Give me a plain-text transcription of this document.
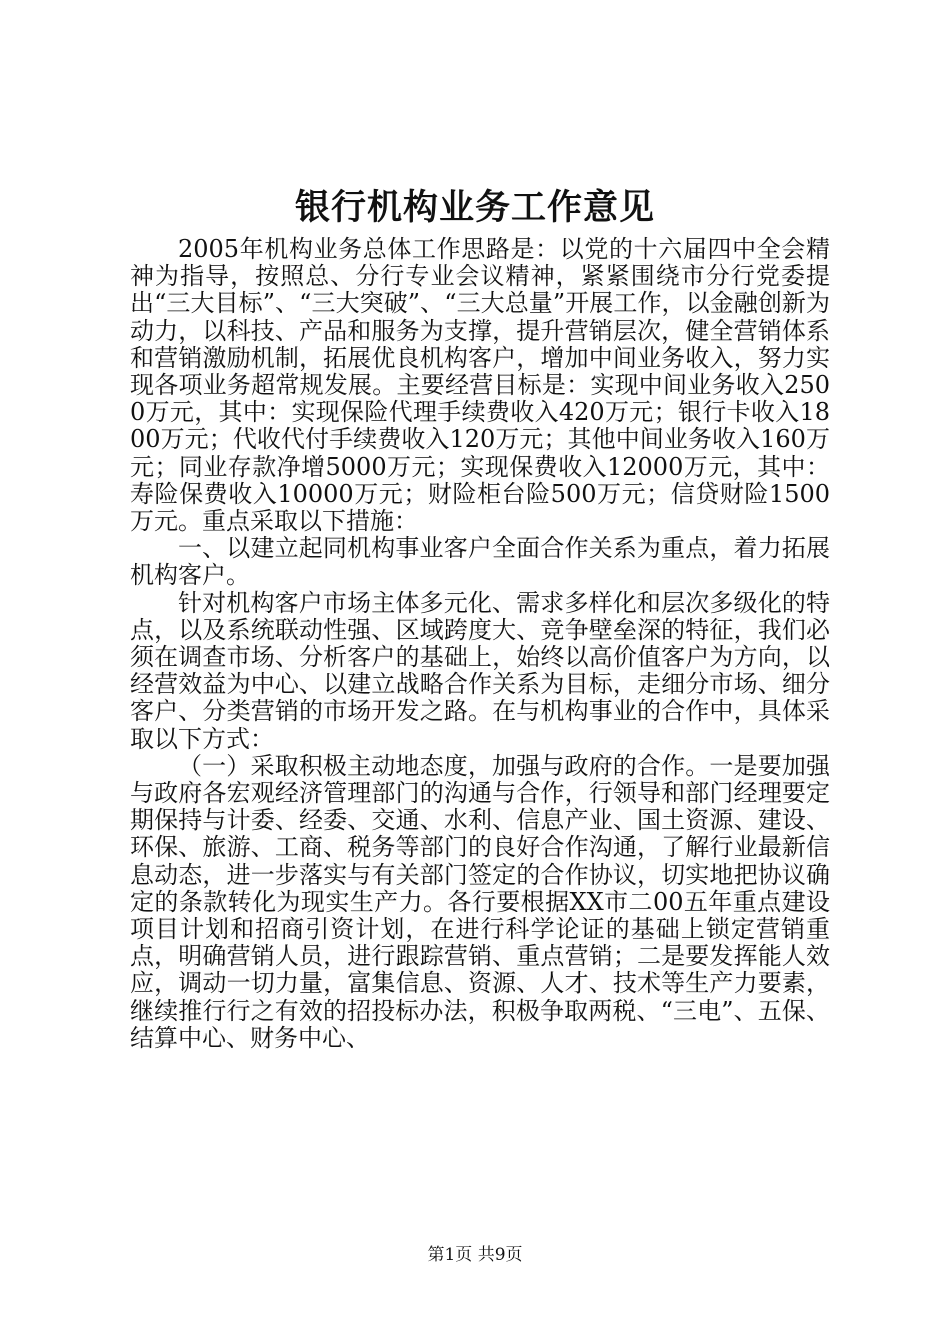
银行机构业务工作意见

2005年机构业务总体工作思路是：以党的十六届四中全会精神为指导，按照总、分行专业会议精神，紧紧围绕市分行党委提出“三大目标”、“三大突破”、“三大总量”开展工作，以金融创新为动力，以科技、产品和服务为支撑，提升营销层次，健全营销体系和营销激励机制，拓展优良机构客户，增加中间业务收入，努力实现各项业务超常规发展。主要经营目标是：实现中间业务收入2500万元，其中：实现保险代理手续费收入420万元；银行卡收入1800万元；代收代付手续费收入120万元；其他中间业务收入160万元；同业存款净增5000万元；实现保费收入12000万元，其中：寿险保费收入10000万元；财险柜台险500万元；信贷财险1500万元。重点采取以下措施：

一、以建立起同机构事业客户全面合作关系为重点，着力拓展机构客户。

针对机构客户市场主体多元化、需求多样化和层次多级化的特点，以及系统联动性强、区域跨度大、竞争壁垒深的特征，我们必须在调查市场、分析客户的基础上，始终以高价值客户为方向，以经营效益为中心、以建立战略合作关系为目标，走细分市场、细分客户、分类营销的市场开发之路。在与机构事业的合作中，具体采取以下方式：

（一）采取积极主动地态度，加强与政府的合作。一是要加强与政府各宏观经济管理部门的沟通与合作，行领导和部门经理要定期保持与计委、经委、交通、水利、信息产业、国土资源、建设、环保、旅游、工商、税务等部门的良好合作沟通，了解行业最新信息动态，进一步落实与有关部门签定的合作协议，切实地把协议确定的条款转化为现实生产力。各行要根据XX市二00五年重点建设项目计划和招商引资计划，在进行科学论证的基础上锁定营销重点，明确营销人员，进行跟踪营销、重点营销；二是要发挥能人效应，调动一切力量，富集信息、资源、人才、技术等生产力要素，继续推行行之有效的招投标办法，积极争取两税、“三电”、五保、结算中心、财务中心、

第1页 共9页
